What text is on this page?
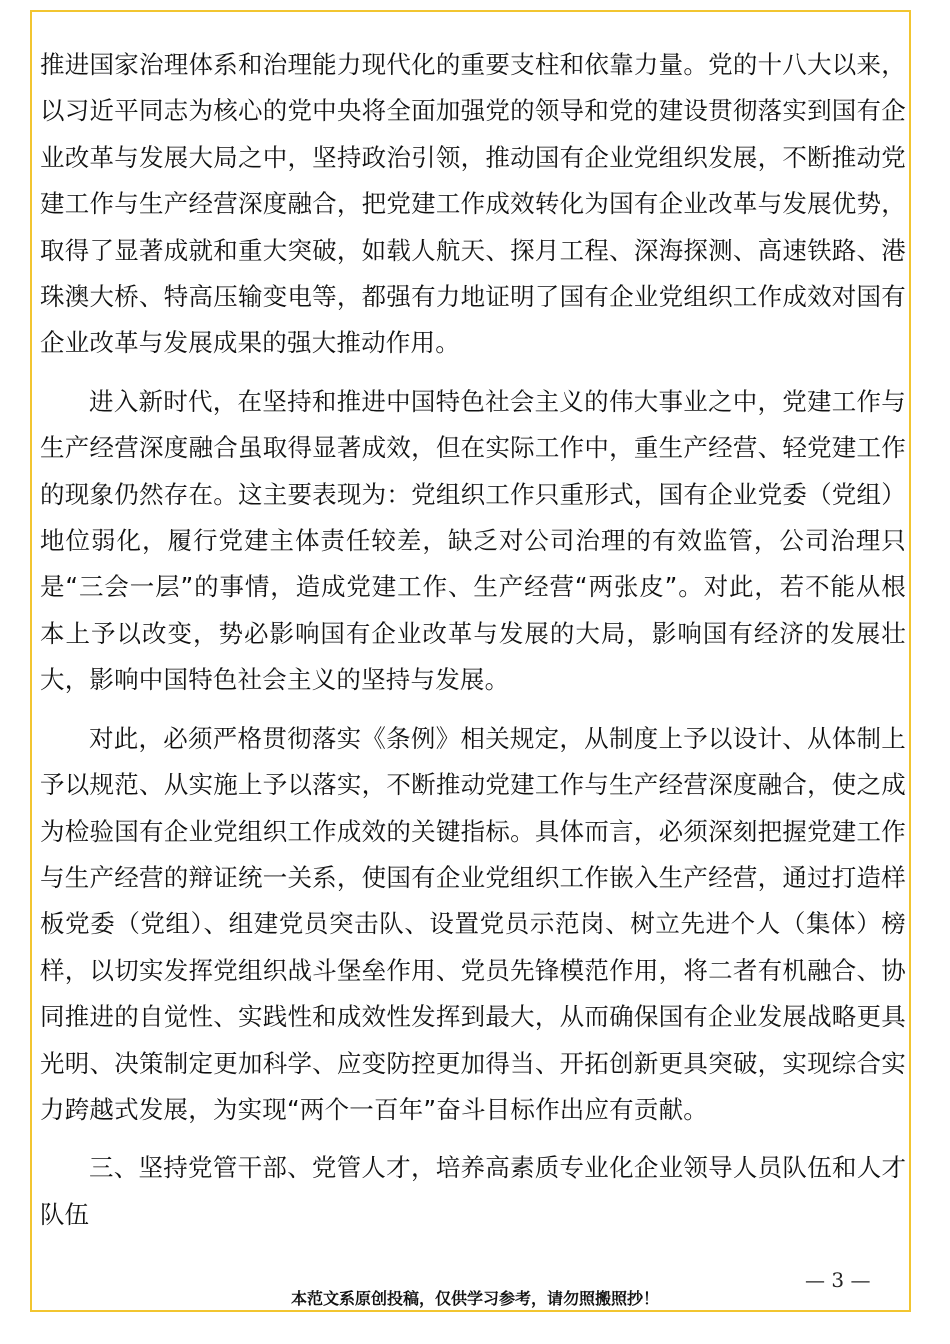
推进国家治理体系和治理能力现代化的重要支柱和依靠力量。党的十八大以来，以习近平同志为核心的党中央将全面加强党的领导和党的建设贯彻落实到国有企业改革与发展大局之中，坚持政治引领，推动国有企业党组织发展，不断推动党建工作与生产经营深度融合，把党建工作成效转化为国有企业改革与发展优势，取得了显著成就和重大突破，如载人航天、探月工程、深海探测、高速铁路、港珠澳大桥、特高压输变电等，都强有力地证明了国有企业党组织工作成效对国有企业改革与发展成果的强大推动作用。

进入新时代，在坚持和推进中国特色社会主义的伟大事业之中，党建工作与生产经营深度融合虽取得显著成效，但在实际工作中，重生产经营、轻党建工作的现象仍然存在。这主要表现为：党组织工作只重形式，国有企业党委（党组）地位弱化，履行党建主体责任较差，缺乏对公司治理的有效监管，公司治理只是“三会一层”的事情，造成党建工作、生产经营“两张皮”。对此，若不能从根本上予以改变，势必影响国有企业改革与发展的大局，影响国有经济的发展壮大，影响中国特色社会主义的坚持与发展。

对此，必须严格贯彻落实《条例》相关规定，从制度上予以设计、从体制上予以规范、从实施上予以落实，不断推动党建工作与生产经营深度融合，使之成为检验国有企业党组织工作成效的关键指标。具体而言，必须深刻把握党建工作与生产经营的辩证统一关系，使国有企业党组织工作嵌入生产经营，通过打造样板党委（党组）、组建党员突击队、设置党员示范岗、树立先进个人（集体）榜样，以切实发挥党组织战斗堡垒作用、党员先锋模范作用，将二者有机融合、协同推进的自觉性、实践性和成效性发挥到最大，从而确保国有企业发展战略更具光明、决策制定更加科学、应变防控更加得当、开拓创新更具突破，实现综合实力跨越式发展，为实现“两个一百年”奋斗目标作出应有贡献。

三、坚持党管干部、党管人才，培养高素质专业化企业领导人员队伍和人才队伍

— 3 —
本范文系原创投稿，仅供学习参考，请勿照搬照抄！
